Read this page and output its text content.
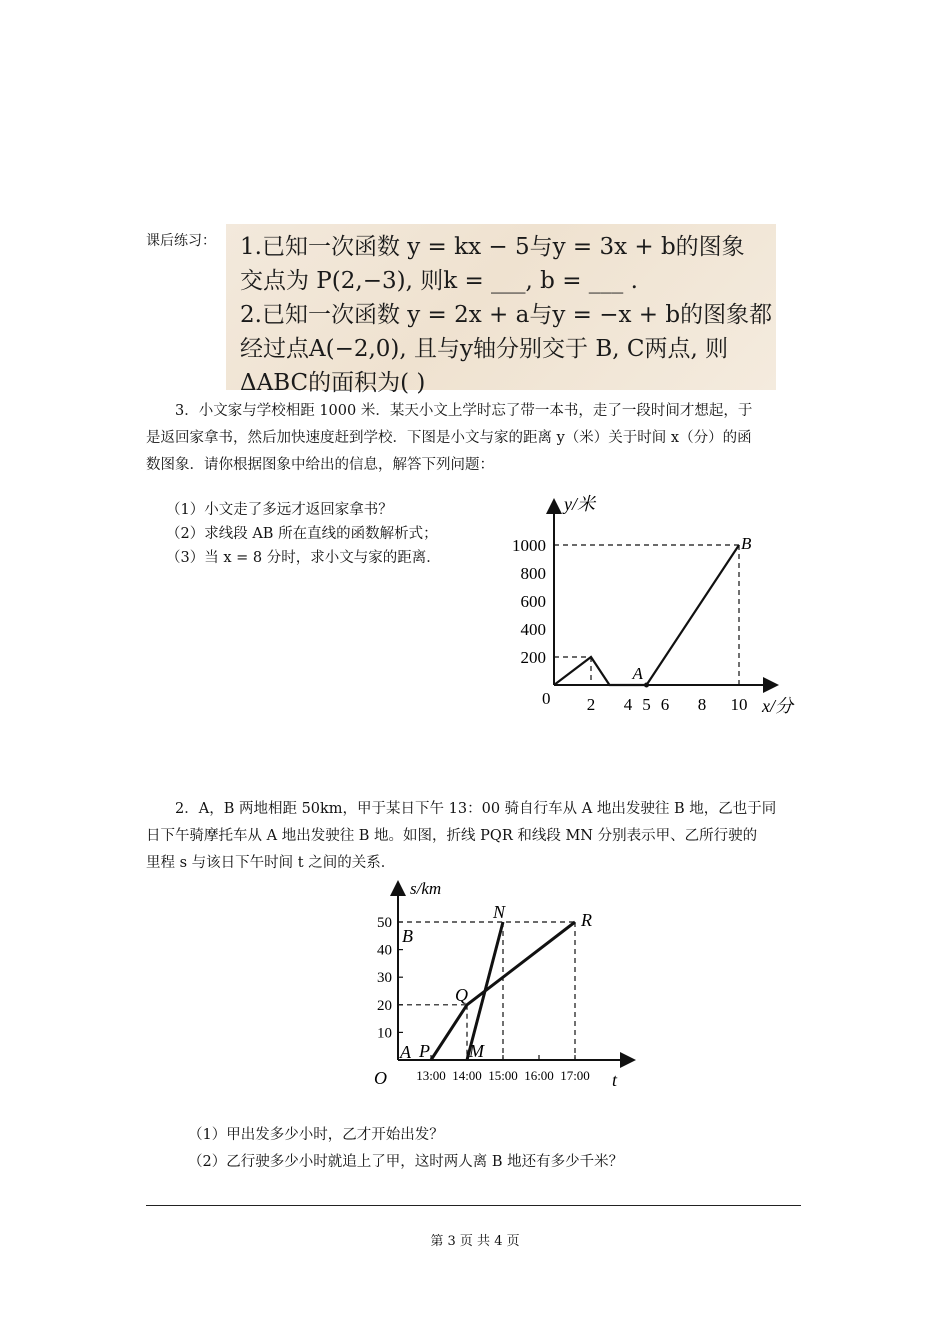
课后练习： 1.已知一次函数 y = kx − 5与y = 3x + b的图象
交点为 P(2,−3), 则k = ___, b = ___ .
2.已知一次函数 y = 2x + a与y = −x + b的图象都
经过点A(−2,0), 且与y轴分别交于 B, C两点, 则
ΔABC的面积为( )
3．小文家与学校相距 1000 米．某天小文上学时忘了带一本书，走了一段时间才想起，于
是返回家拿书，然后加快速度赶到学校．下图是小文与家的距离 y（米）关于时间 x（分）的函
数图象．请你根据图象中给出的信息，解答下列问题：
（1）小文走了多远才返回家拿书？
（2）求线段 AB 所在直线的函数解析式；
（3）当 x = 8 分时，求小文与家的距离．
1000
800
600
400
200
2 4 5 6 8 10
y/米
x/分
0
A
B
2．A，B 两地相距 50km，甲于某日下午 13：00 骑自行车从 A 地出发驶往 B 地，乙也于同
日下午骑摩托车从 A 地出发驶往 B 地。如图，折线 PQR 和线段 MN 分别表示甲、乙所行驶的
里程 s 与该日下午时间 t 之间的关系．
50
40
30
20
10
13:00 14:00 15:00 16:00 17:00
s/km
t
O
A
B
P
Q
M
N	R
（1）甲出发多少小时，乙才开始出发？
（2）乙行驶多少小时就追上了甲，这时两人离 B 地还有多少千米？
第 3 页 共 4 页
